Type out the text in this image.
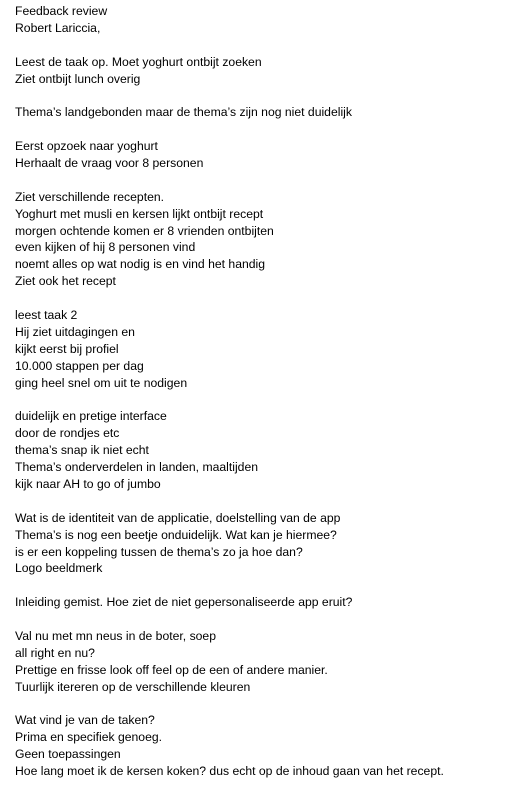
Feedback review
Robert Lariccia,
Leest de taak op. Moet yoghurt ontbijt zoeken
Ziet ontbijt lunch overig
Thema’s landgebonden maar de thema’s zijn nog niet duidelijk
Eerst opzoek naar yoghurt
Herhaalt de vraag voor 8 personen
Ziet verschillende recepten.
Yoghurt met musli en kersen lijkt ontbijt recept
morgen ochtende komen er 8 vrienden ontbijten
even kijken of hij 8 personen vind
noemt alles op wat nodig is en vind het handig
Ziet ook het recept
leest taak 2
Hij ziet uitdagingen en
kijkt eerst bij profiel
10.000 stappen per dag
ging heel snel om uit te nodigen
duidelijk en pretige interface
door de rondjes etc
thema’s snap ik niet echt
Thema’s onderverdelen in landen, maaltijden
kijk naar AH to go of jumbo
Wat is de identiteit van de applicatie, doelstelling van de app
Thema’s is nog een beetje onduidelijk. Wat kan je hiermee?
is er een koppeling tussen de thema’s zo ja hoe dan?
Logo beeldmerk
Inleiding gemist. Hoe ziet de niet gepersonaliseerde app eruit?
Val nu met mn neus in de boter, soep
all right en nu?
Prettige en frisse look off feel op de een of andere manier.
Tuurlijk itereren op de verschillende kleuren
Wat vind je van de taken?
Prima en specifiek genoeg.
Geen toepassingen
Hoe lang moet ik de kersen koken? dus echt op de inhoud gaan van het recept.
